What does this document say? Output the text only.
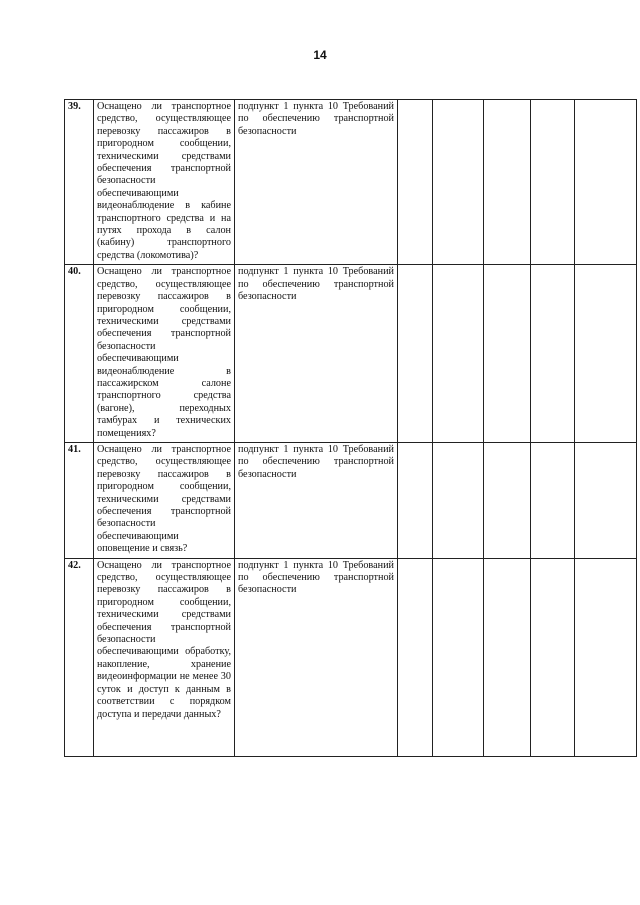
14
39.	Оснащено ли транспортное средство, осуществляющее перевозку пассажиров в пригородном сообщении, техническими средствами обеспечения транспортной безопасности обеспечивающими видеонаблюдение в кабине транспортного средства и на путях прохода в салон (кабину) транспортного средства (локомотива)?	подпункт 1 пункта 10 Требований по обеспечению транспортной безопасности					
40.	Оснащено ли транспортное средство, осуществляющее перевозку пассажиров в пригородном сообщении, техническими средствами обеспечения транспортной безопасности обеспечивающими видеонаблюдение в пассажирском салоне транспортного средства (вагоне), переходных тамбурах и технических помещениях?	подпункт 1 пункта 10 Требований по обеспечению транспортной безопасности					
41.	Оснащено ли транспортное средство, осуществляющее перевозку пассажиров в пригородном сообщении, техническими средствами обеспечения транспортной безопасности обеспечивающими оповещение и связь?	подпункт 1 пункта 10 Требований по обеспечению транспортной безопасности					
42.	Оснащено ли транспортное средство, осуществляющее перевозку пассажиров в пригородном сообщении, техническими средствами обеспечения транспортной безопасности обеспечивающими обработку, накопление, хранение видеоинформации не менее 30 суток и доступ к данным в соответствии с порядком доступа и передачи данных?	подпункт 1 пункта 10 Требований по обеспечению транспортной безопасности					
